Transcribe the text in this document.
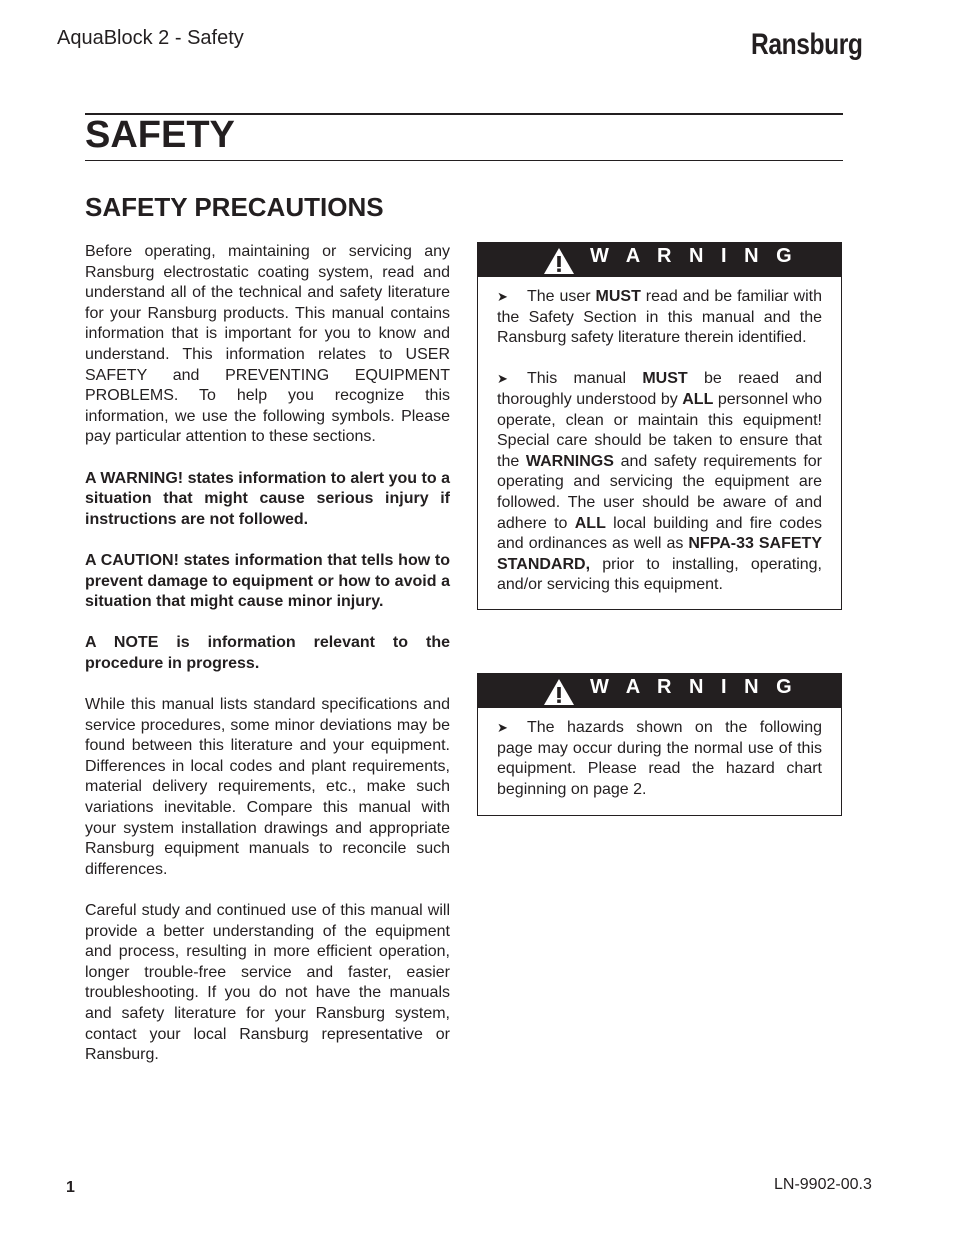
AquaBlock 2 - Safety	Ransburg
SAFETY
SAFETY PRECAUTIONS

Before operating, maintaining or servicing any Ransburg electrostatic coating system, read and understand all of the technical and safety literature for your Ransburg products. This manual contains information that is important for you to know and understand. This information relates to USER SAFETY and PREVENTING EQUIPMENT PROBLEMS. To help you recognize this information, we use the following symbols. Please pay particular attention to these sections.

A WARNING! states information to alert you to a situation that might cause serious injury if instructions are not followed.

A CAUTION! states information that tells how to prevent damage to equipment or how to avoid a situation that might cause minor injury.

A NOTE is information relevant to the procedure in progress.

While this manual lists standard specifications and service procedures, some minor deviations may be found between this literature and your equipment. Differences in local codes and plant requirements, material delivery requirements, etc., make such variations inevitable. Compare this manual with your system installation drawings and appropriate Ransburg equipment manuals to reconcile such differences.

Careful study and continued use of this manual will provide a better understanding of the equipment and process, resulting in more efficient operation, longer trouble-free service and faster, easier troubleshooting. If you do not have the manuals and safety literature for your Ransburg system, contact your local Ransburg representative or Ransburg.

W A R N I N G

➤ The user MUST read and be familiar with the Safety Section in this manual and the Ransburg safety literature therein identified.

➤ This manual MUST be reaed and thoroughly understood by ALL personnel who operate, clean or maintain this equipment! Special care should be taken to ensure that the WARNINGS and safety requirements for operating and servicing the equipment are followed. The user should be aware of and adhere to ALL local building and fire codes and ordinances as well as NFPA-33 SAFETY STANDARD, prior to installing, operating, and/or servicing this equipment.

W A R N I N G

➤ The hazards shown on the following page may occur during the normal use of this equipment. Please read the hazard chart beginning on page 2.

1	LN-9902-00.3
